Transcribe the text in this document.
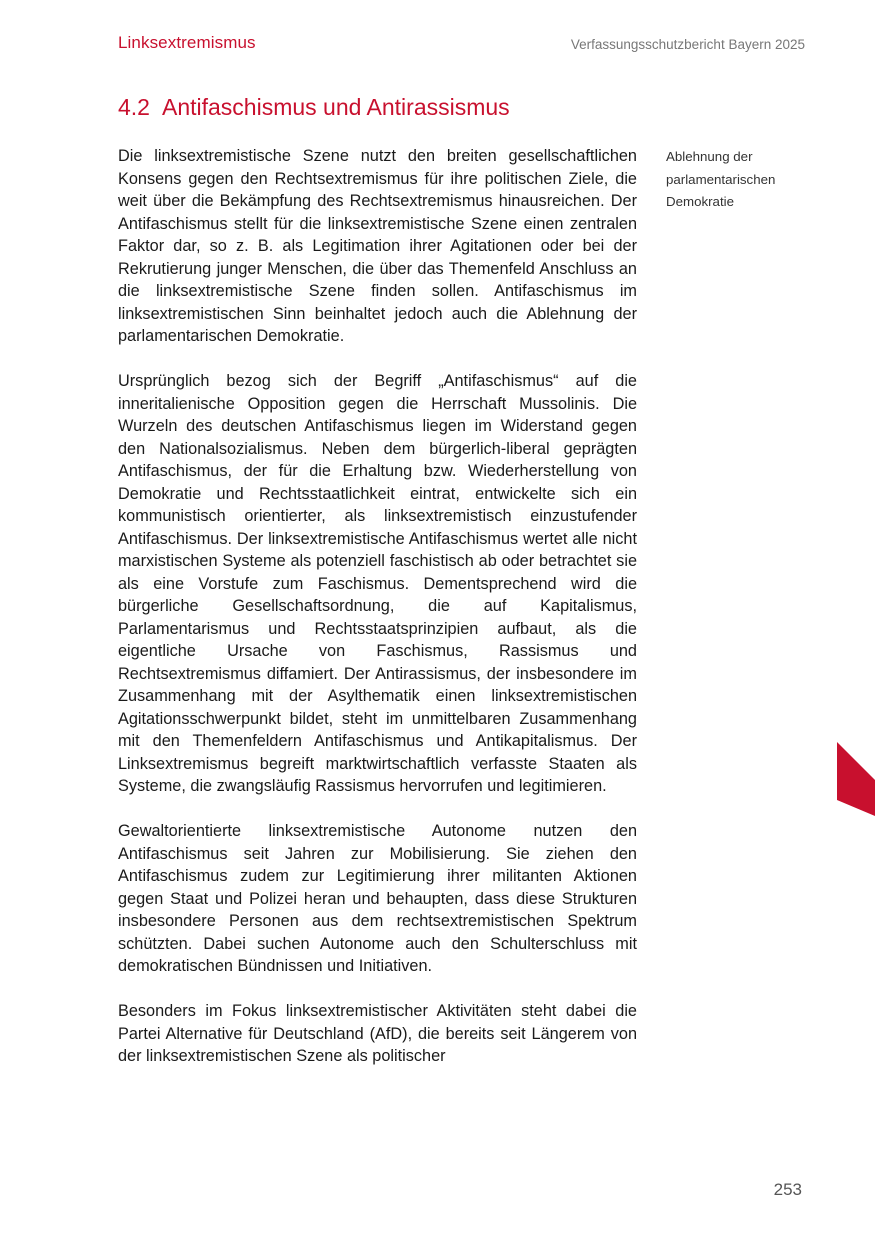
Linksextremismus	Verfassungsschutzbericht Bayern 2025
4.2 Antifaschismus und Antirassismus

Die linksextremistische Szene nutzt den breiten gesellschaftlichen Konsens gegen den Rechtsextremismus für ihre politischen Ziele, die weit über die Bekämpfung des Rechtsextremismus hinausreichen. Der Antifaschismus stellt für die linksextremistische Szene einen zentralen Faktor dar, so z. B. als Legitimation ihrer Agitationen oder bei der Rekrutierung junger Menschen, die über das Themenfeld Anschluss an die linksextremistische Szene finden sollen. Antifaschismus im linksextremistischen Sinn beinhaltet jedoch auch die Ablehnung der parlamentarischen Demokratie.

Ursprünglich bezog sich der Begriff „Antifaschismus“ auf die inneritalienische Opposition gegen die Herrschaft Mussolinis. Die Wurzeln des deutschen Antifaschismus liegen im Widerstand gegen den Nationalsozialismus. Neben dem bürgerlich-liberal geprägten Antifaschismus, der für die Erhaltung bzw. Wiederherstellung von Demokratie und Rechtsstaatlichkeit eintrat, entwickelte sich ein kommunistisch orientierter, als linksextremistisch einzustufender Antifaschismus. Der linksextremistische Antifaschismus wertet alle nicht marxistischen Systeme als potenziell faschistisch ab oder betrachtet sie als eine Vorstufe zum Faschismus. Dementsprechend wird die bürgerliche Gesellschaftsordnung, die auf Kapitalismus, Parlamentarismus und Rechtsstaatsprinzipien aufbaut, als die eigentliche Ursache von Faschismus, Rassismus und Rechtsextremismus diffamiert. Der Antirassismus, der insbesondere im Zusammenhang mit der Asylthematik einen linksextremistischen Agitationsschwerpunkt bildet, steht im unmittelbaren Zusammenhang mit den Themenfeldern Antifaschismus und Antikapitalismus. Der Linksextremismus begreift marktwirtschaftlich verfasste Staaten als Systeme, die zwangsläufig Rassismus hervorrufen und legitimieren.

Gewaltorientierte linksextremistische Autonome nutzen den Antifaschismus seit Jahren zur Mobilisierung. Sie ziehen den Antifaschismus zudem zur Legitimierung ihrer militanten Aktionen gegen Staat und Polizei heran und behaupten, dass diese Strukturen insbesondere Personen aus dem rechtsextremistischen Spektrum schützten. Dabei suchen Autonome auch den Schulterschluss mit demokratischen Bündnissen und Initiativen.

Besonders im Fokus linksextremistischer Aktivitäten steht dabei die Partei Alternative für Deutschland (AfD), die bereits seit Längerem von der linksextremistischen Szene als politischer

Ablehnung der parlamentarischen Demokratie
253
